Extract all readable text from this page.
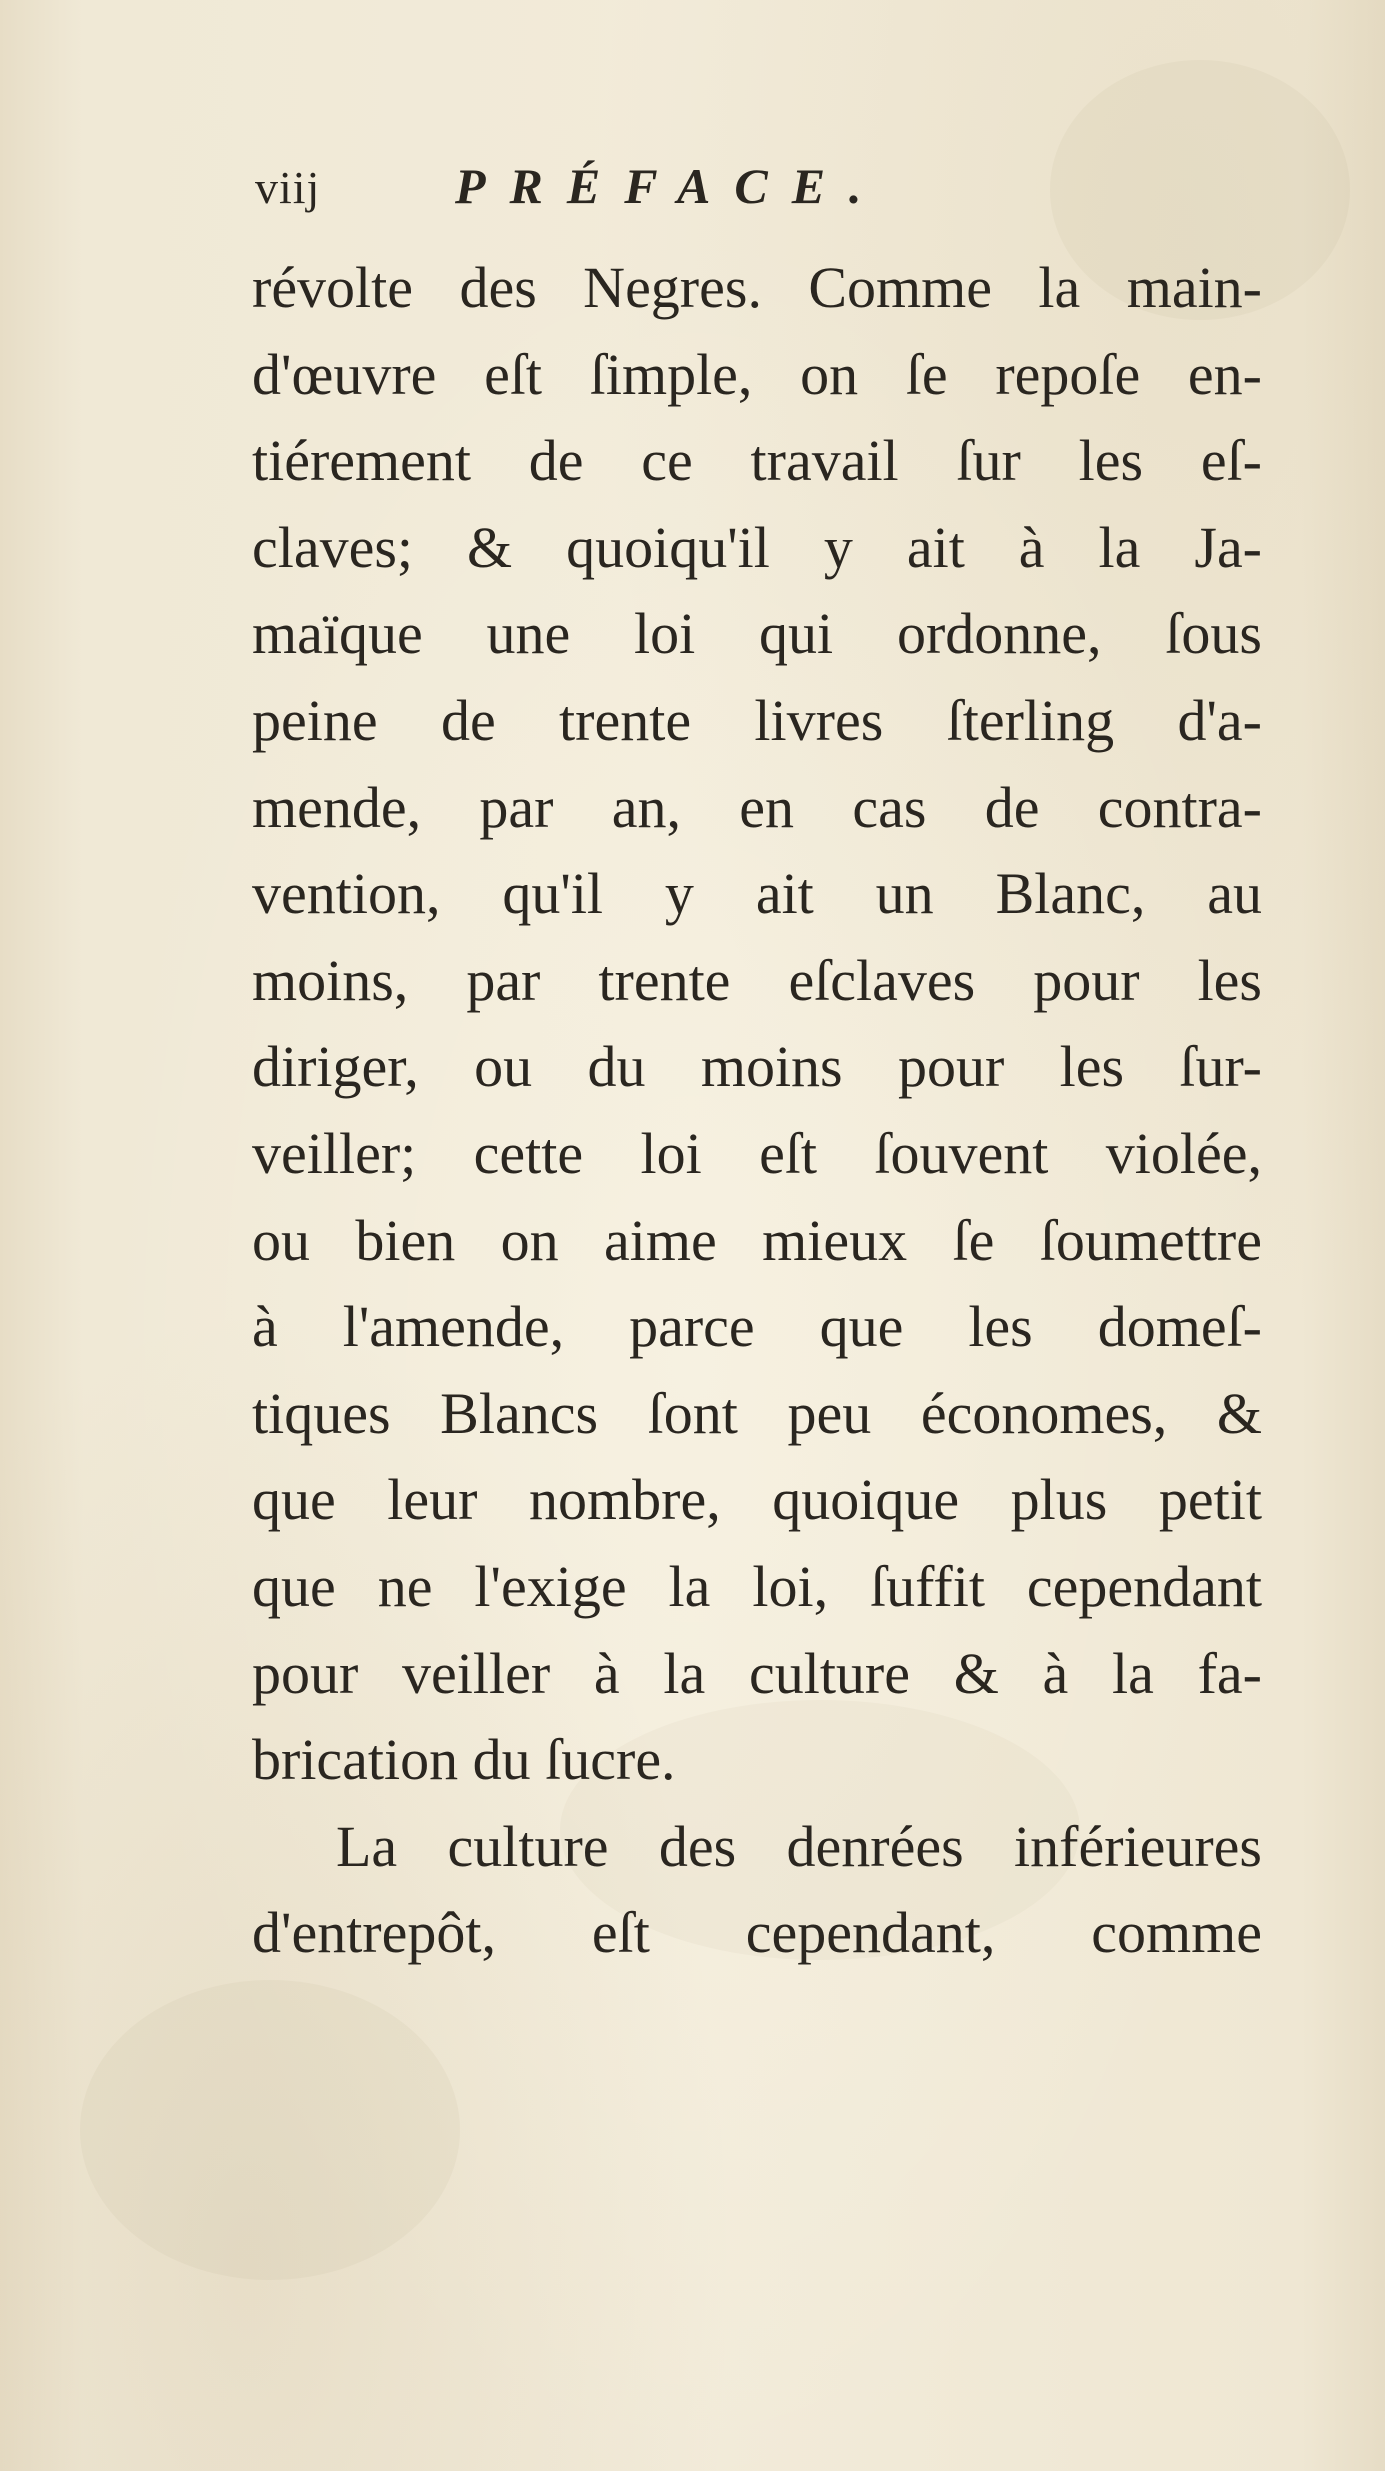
viij	PRÉFACE.
révolte des Negres. Comme la main-
d'œuvre eſt ſimple, on ſe repoſe en-
tiérement de ce travail ſur les eſ-
claves; & quoiqu'il y ait à la Ja-
maïque une loi qui ordonne, ſous
peine de trente livres ſterling d'a-
mende, par an, en cas de contra-
vention, qu'il y ait un Blanc, au
moins, par trente eſclaves pour les
diriger, ou du moins pour les ſur-
veiller; cette loi eſt ſouvent violée,
ou bien on aime mieux ſe ſoumettre
à l'amende, parce que les domeſ-
tiques Blancs ſont peu économes, &
que leur nombre, quoique plus petit
que ne l'exige la loi, ſuffit cependant
pour veiller à la culture & à la fa-
brication du ſucre.
La culture des denrées inférieures
d'entrepôt, eſt cependant, comme
